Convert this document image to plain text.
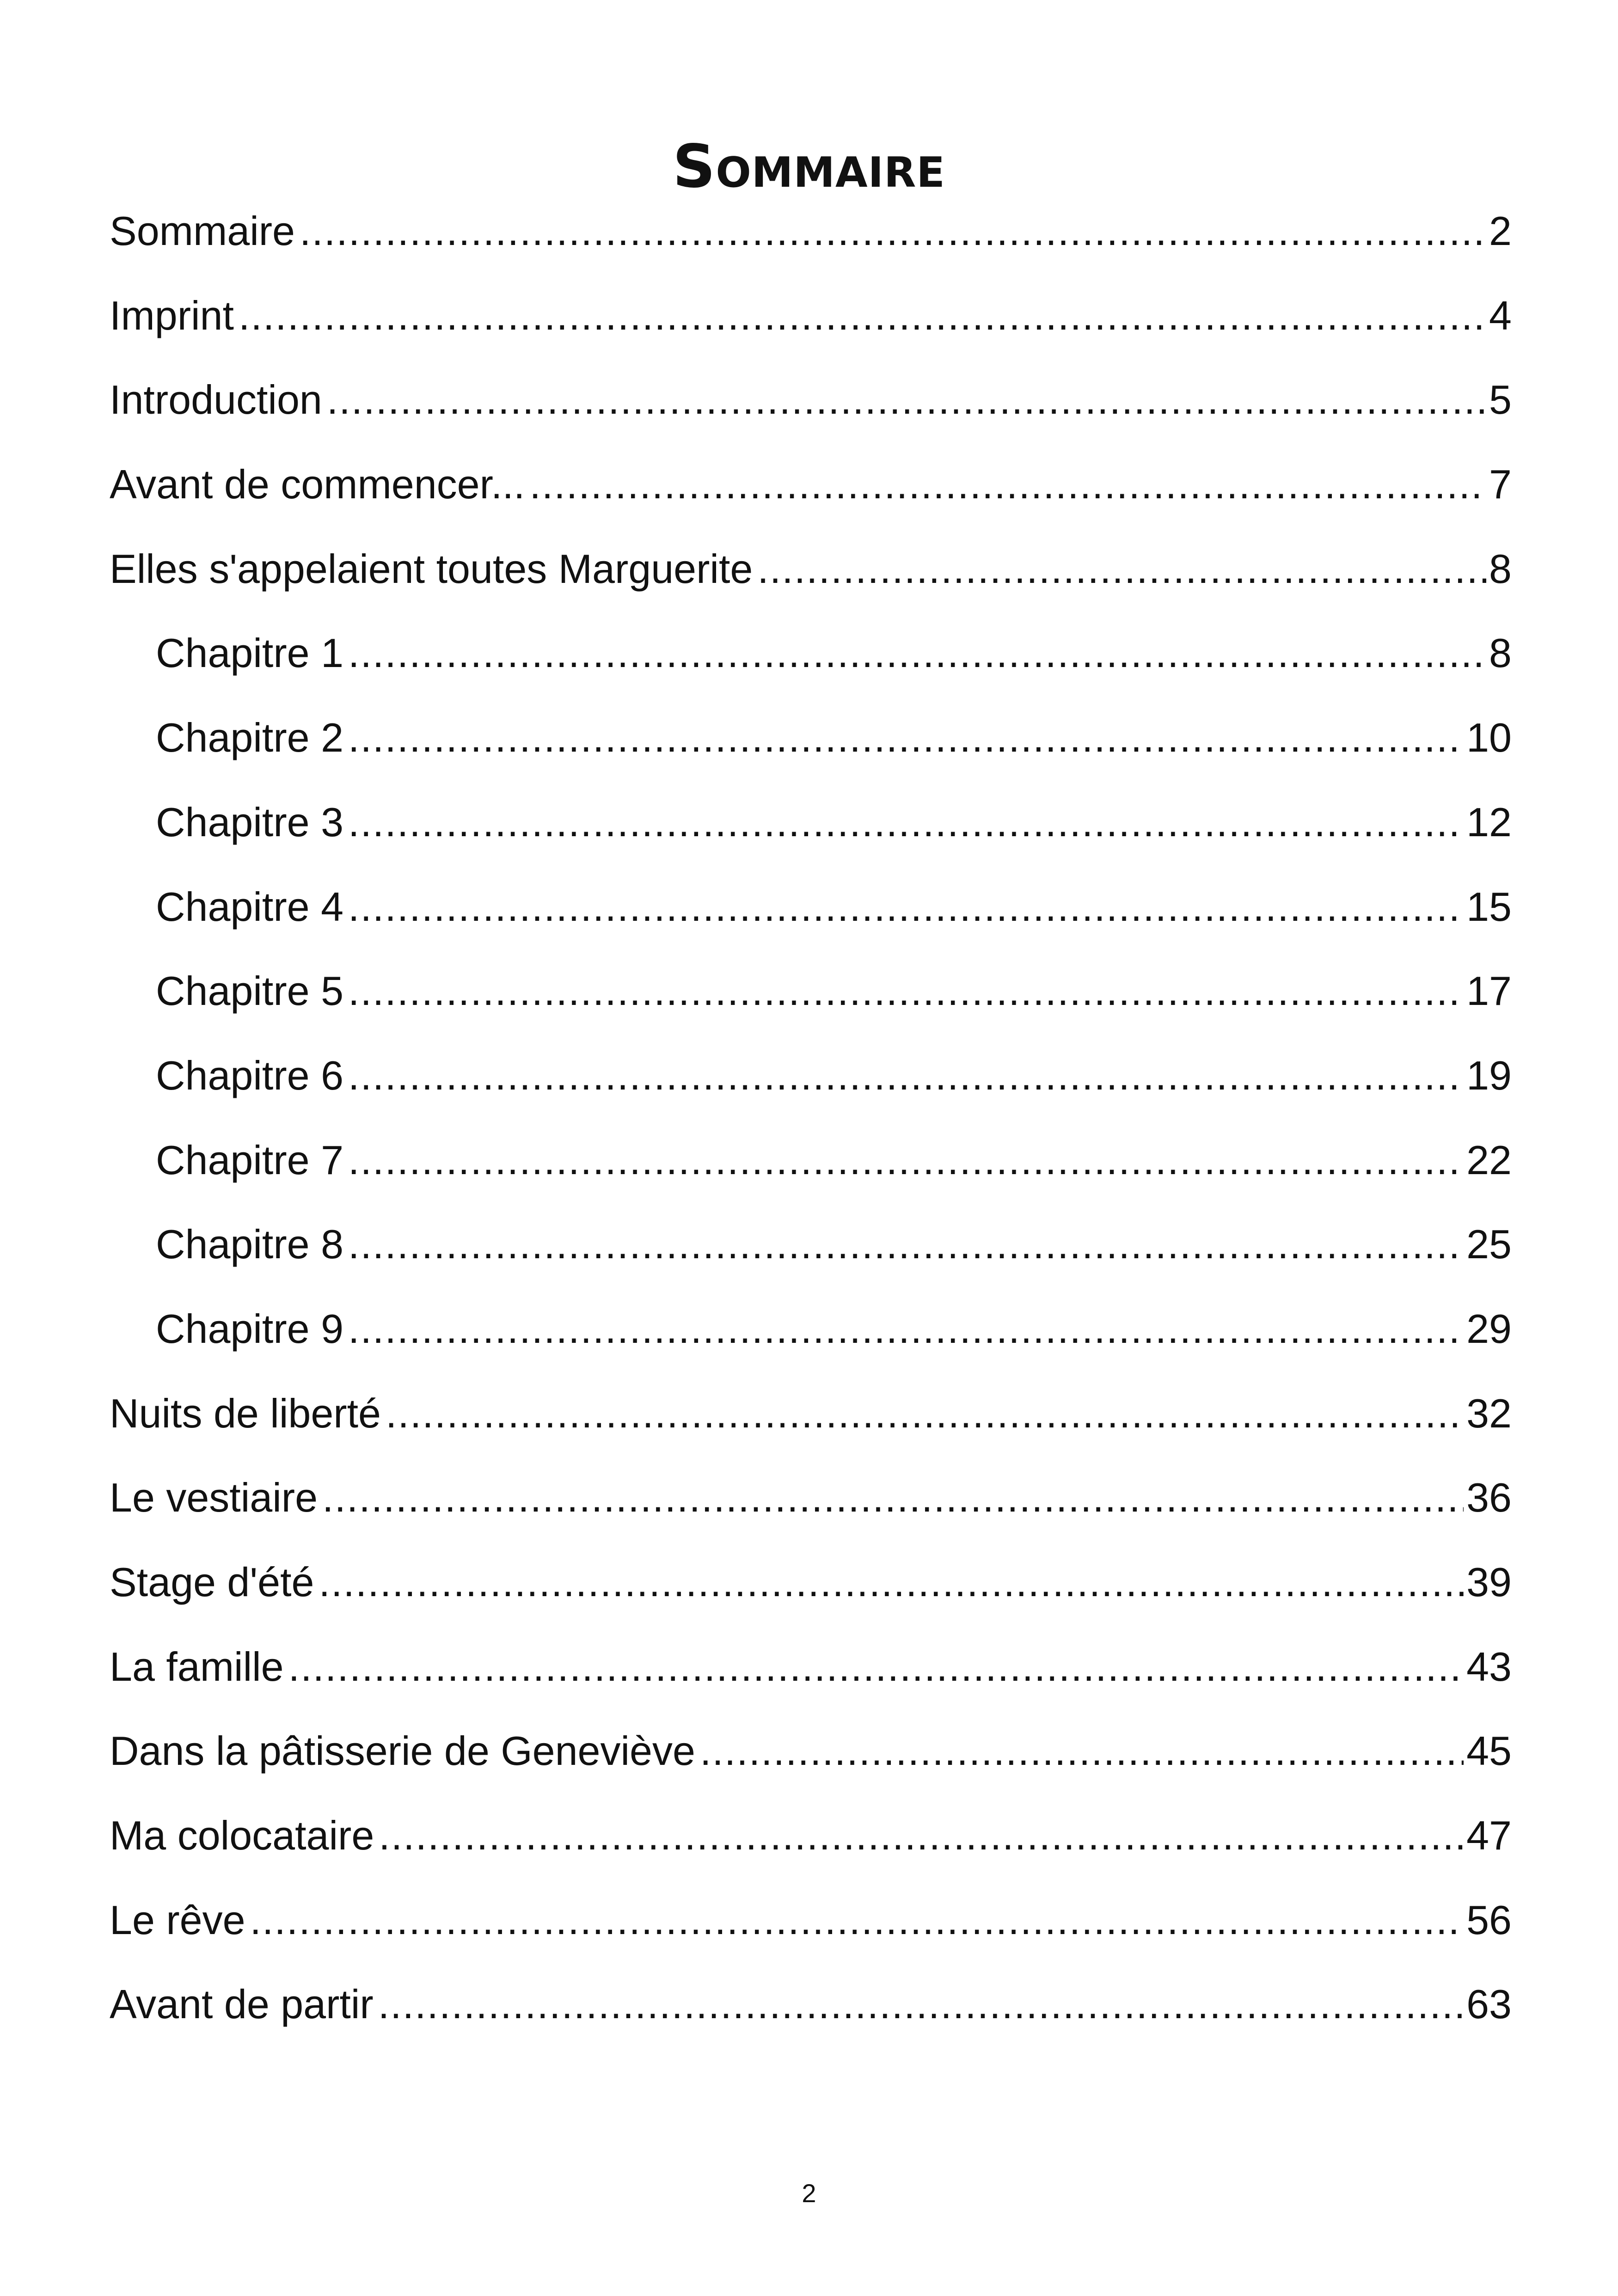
Sommaire
Sommaire .....	2
Imprint .....	4
Introduction .....	5
Avant de commencer... .....	7
Elles s'appelaient toutes Marguerite .....	8
Chapitre 1 .....	8
Chapitre 2 .....	10
Chapitre 3 .....	12
Chapitre 4 .....	15
Chapitre 5 .....	17
Chapitre 6 .....	19
Chapitre 7 .....	22
Chapitre 8 .....	25
Chapitre 9 .....	29
Nuits de liberté .....	32
Le vestiaire .....	36
Stage d'été .....	39
La famille .....	43
Dans la pâtisserie de Geneviève .....	45
Ma colocataire .....	47
Le rêve .....	56
Avant de partir .....	63
2
